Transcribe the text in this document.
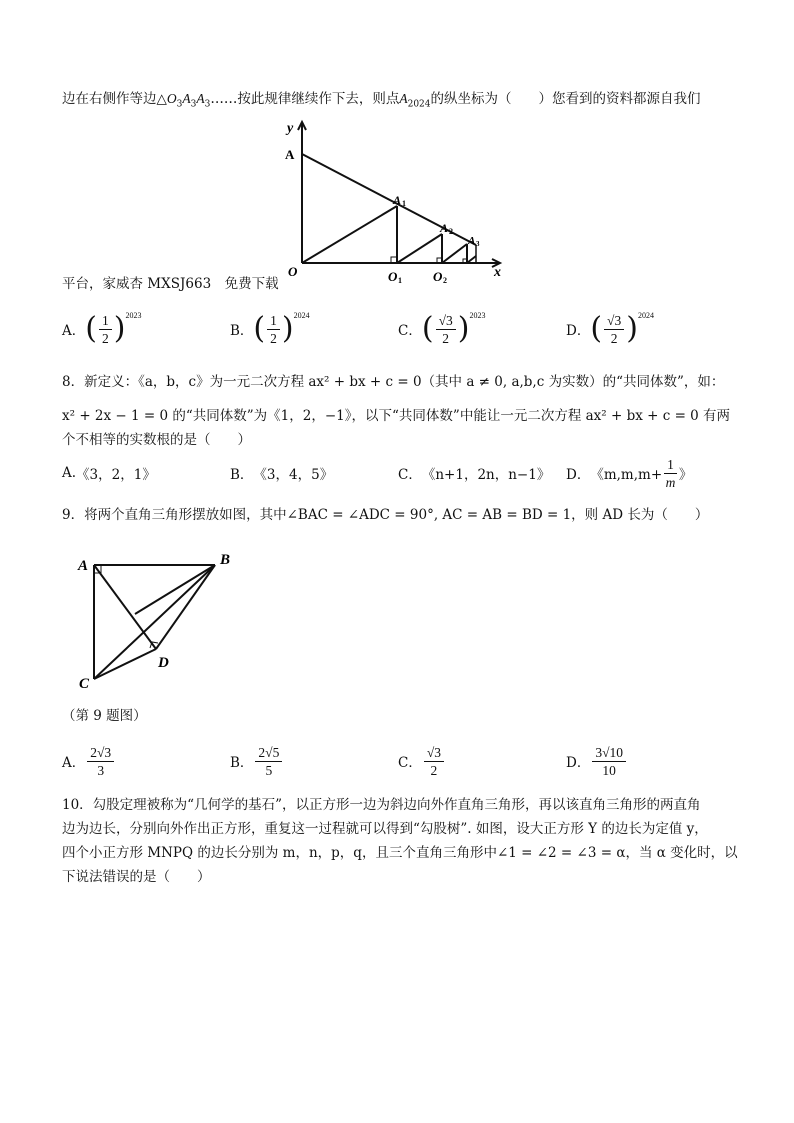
边在右侧作等边$\triangle O_3A_3A_3\dots\dots$按此规律继续作下去，则点$A_{2024}$的纵坐标为（　　）您看到的资料都源自我们
y
x
A
O
A 1
A 2
A 3
O 1 O 2
平台，家威杏 MXSJ663　免费下载
A． ( $\frac{1}{2}$ ) 2023
B． ( $\frac{1}{2}$ ) 2024
C． ( $\frac{√3}{2}$ ) 2023
D． ( $\frac{√3}{2}$ ) 2024
8．新定义：《a，b，c》为一元二次方程 ax² + bx + c = 0（其中 a ≠ 0, a,b,c 为实数）的“共同体数”，如：
x² + 2x − 1 = 0 的“共同体数”为《1，2，−1》，以下“共同体数”中能让一元二次方程 ax² + bx + c = 0 有两
个不相等的实数根的是（　　）
A. 《3，2，1》	B． 《3，4，5》	C． 《n+1，2n，n−1》 D． 《$m,m,m+ \frac{1}{m}$ 》
9．将两个直角三角形摆放如图，其中∠BAC = ∠ADC = 90°, AC = AB = BD = 1，则 AD 长为（　　）
A	B
C
D
（第 9 题图）
A． $\frac{2√3}{3}$	B． $\frac{2√5}{5}$	C． $\frac{√3}{2}$	D． $\frac{3√10}{10}$
10．勾股定理被称为“几何学的基石”，以正方形一边为斜边向外作直角三角形，再以该直角三角形的两直角
边为边长，分别向外作出正方形，重复这一过程就可以得到“勾股树”. 如图，设大正方形 Y 的边长为定值 y，
四个小正方形 MNPQ 的边长分别为 m，n，p，q，且三个直角三角形中∠1 = ∠2 = ∠3 = α，当 α 变化时，以
下说法错误的是（　　）
